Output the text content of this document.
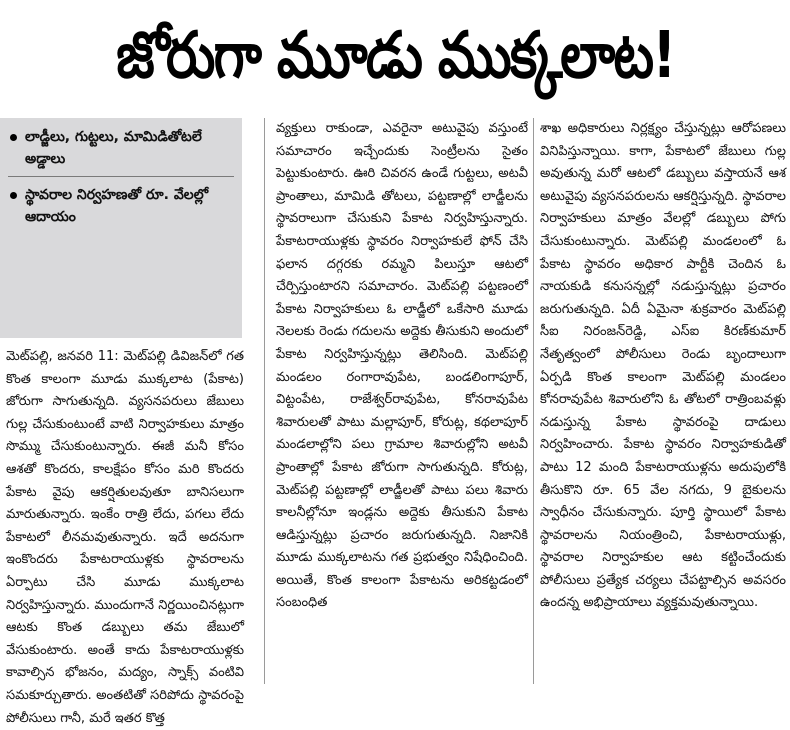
జోరుగా మూడు ముక్కలాట!
లాడ్జీలు, గుట్టలు, మామిడితోటలే అడ్డాలు
స్థావరాల నిర్వహణతో రూ. వేలల్లో ఆదాయం

మెట్‌పల్లి, జనవరి 11: మెట్‌పల్లి డివిజన్‌లో గత కొంత కాలంగా మూడు ముక్కలాట (పేకాట) జోరుగా సాగుతున్నది. వ్యసనపరులు జేబులు గుల్ల చేసుకుంటుంటే వాటి నిర్వాహకులు మాత్రం సొమ్ము చేసుకుంటున్నారు. ఈజీ మనీ కోసం ఆశతో కొందరు, కాలక్షేపం కోసం మరి కొందరు పేకాట వైపు ఆకర్షితులవుతూ బానిసలుగా మారుతున్నారు. ఇంకేం రాత్రి లేదు, పగలు లేదు పేకాటలో లీనమవుతున్నారు. ఇదే అదనుగా ఇంకొందరు పేకాటరాయుళ్లకు స్థావరాలను ఏర్పాటు చేసి మూడు ముక్కలాట నిర్వహిస్తున్నారు. ముందుగానే నిర్ణయించినట్లుగా ఆటకు కొంత డబ్బులు తమ జేబులో వేసుకుంటారు. అంతే కాదు పేకాటరాయుళ్లకు కావాల్సిన భోజనం, మద్యం, స్నాక్స్ వంటివి సమకూర్చుతారు. అంతటితో సరిపోదు స్థావరంపై పోలీసులు గానీ, మరే ఇతర కొత్త

వ్యక్తులు రాకుండా, ఎవరైనా అటువైపు వస్తుంటే సమాచారం ఇచ్చేందుకు సెంట్రీలను సైతం పెట్టుకుంటారు. ఊరి చివరన ఉండే గుట్టలు, అటవీ ప్రాంతాలు, మామిడి తోటలు, పట్టణాల్లో లాడ్జీలను స్థావరాలుగా చేసుకుని పేకాట నిర్వహిస్తున్నారు. పేకాటరాయుళ్లకు స్థావరం నిర్వాహకులే ఫోన్ చేసి ఫలాన దగ్గరకు రమ్మని పిలుస్తూ ఆటలో చేర్పిస్తుంటారని సమాచారం. మెట్‌పల్లి పట్టణంలో పేకాట నిర్వాహకులు ఓ లాడ్జీలో ఒకేసారి మూడు నెలలకు రెండు గదులను అద్దెకు తీసుకుని అందులో పేకాట నిర్వహిస్తున్నట్లు తెలిసింది. మెట్‌పల్లి మండలం రంగారావుపేట, బండలింగాపూర్, విట్టంపేట, రాజేశ్వర్‌రావుపేట, కోనరావుపేట శివారులతో పాటు మల్లాపూర్, కోరుట్ల, కథలాపూర్ మండలాల్లోని పలు గ్రామాల శివారుల్లోని అటవీ ప్రాంతాల్లో పేకాట జోరుగా సాగుతున్నది. కోరుట్ల, మెట్‌పల్లి పట్టణాల్లో లాడ్జీలతో పాటు పలు శివారు కాలనీల్లోనూ ఇండ్లను అద్దెకు తీసుకుని పేకాట ఆడిస్తున్నట్లు ప్రచారం జరుగుతున్నది. నిజానికి మూడు ముక్కలాటను గత ప్రభుత్వం నిషేధించింది. అయితే, కొంత కాలంగా పేకాటను అరికట్టడంలో సంబంధిత

శాఖ అధికారులు నిర్లక్ష్యం చేస్తున్నట్లు ఆరోపణలు వినిపిస్తున్నాయి. కాగా, పేకాటలో జేబులు గుల్ల అవుతున్న మరో ఆటలో డబ్బులు వస్తాయనే ఆశ అటువైపు వ్యసనపరులను ఆకర్షిస్తున్నది. స్థావరాల నిర్వాహకులు మాత్రం వేలల్లో డబ్బులు పోగు చేసుకుంటున్నారు. మెట్‌పల్లి మండలంలో ఓ పేకాట స్థావరం అధికార పార్టీకి చెందిన ఓ నాయకుడి కనుసన్నల్లో నడుస్తున్నట్లు ప్రచారం జరుగుతున్నది. ఏదీ ఏమైనా శుక్రవారం మెట్‌పల్లి సీఐ నిరంజన్‌రెడ్డి, ఎస్‌ఐ కిరణ్‌కుమార్ నేతృత్వంలో పోలీసులు రెండు బృందాలుగా ఏర్పడి కొంత కాలంగా మెట్‌పల్లి మండలం కోనరావుపేట శివారులోని ఓ తోటలో రాత్రింబవళ్లు నడుస్తున్న పేకాట స్థావరంపై దాడులు నిర్వహించారు. పేకాట స్థావరం నిర్వాహకుడితో పాటు 12 మంది పేకాటరాయుళ్లను అదుపులోకి తీసుకొని రూ. 65 వేల నగదు, 9 బైకులను స్వాధీనం చేసుకున్నారు. పూర్తి స్థాయిలో పేకాట స్థావరాలను నియంత్రించి, పేకాటరాయుళ్లు, స్థావరాల నిర్వాహకుల ఆట కట్టించేందుకు పోలీసులు ప్రత్యేక చర్యలు చేపట్టాల్సిన అవసరం ఉందన్న అభిప్రాయాలు వ్యక్తమవుతున్నాయి.
